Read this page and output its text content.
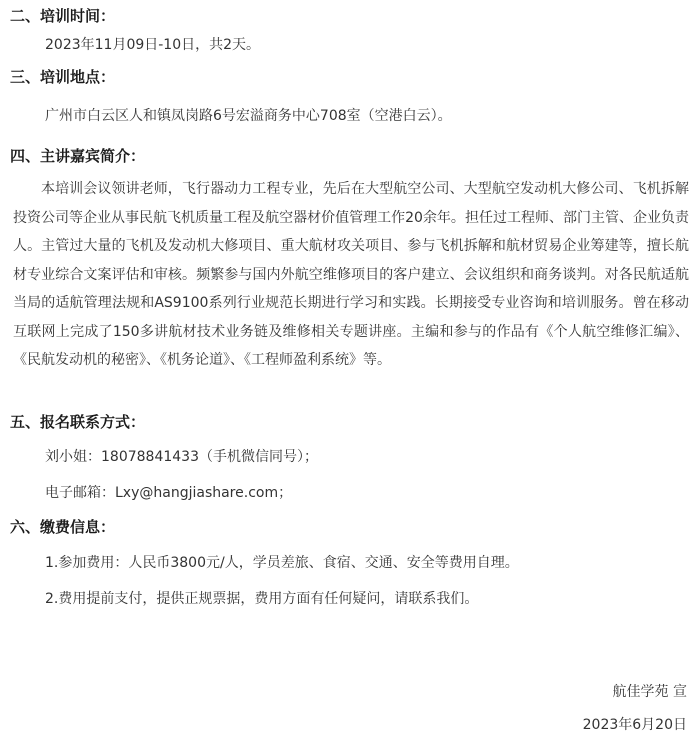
二、培训时间：
2023年11月09日-10日，共2天。
三、培训地点：
广州市白云区人和镇凤岗路6号宏溢商务中心708室（空港白云）。
四、主讲嘉宾简介：

本培训会议领讲老师，飞行器动力工程专业，先后在大型航空公司、大型航空发动机大修公司、飞机拆解投资公司等企业从事民航飞机质量工程及航空器材价值管理工作20余年。担任过工程师、部门主管、企业负责人。主管过大量的飞机及发动机大修项目、重大航材攻关项目、参与飞机拆解和航材贸易企业筹建等，擅长航材专业综合文案评估和审核。频繁参与国内外航空维修项目的客户建立、会议组织和商务谈判。对各民航适航当局的适航管理法规和AS9100系列行业规范长期进行学习和实践。长期接受专业咨询和培训服务。曾在移动互联网上完成了150多讲航材技术业务链及维修相关专题讲座。主编和参与的作品有《个人航空维修汇编》、《民航发动机的秘密》、《机务论道》、《工程师盈利系统》等。

五、报名联系方式：
刘小姐：18078841433（手机微信同号）；
电子邮箱：Lxy@hangjiashare.com；
六、缴费信息：
1.参加费用：人民币3800元/人，学员差旅、食宿、交通、安全等费用自理。
2.费用提前支付，提供正规票据，费用方面有任何疑问，请联系我们。
航佳学苑 宣
2023年6月20日
